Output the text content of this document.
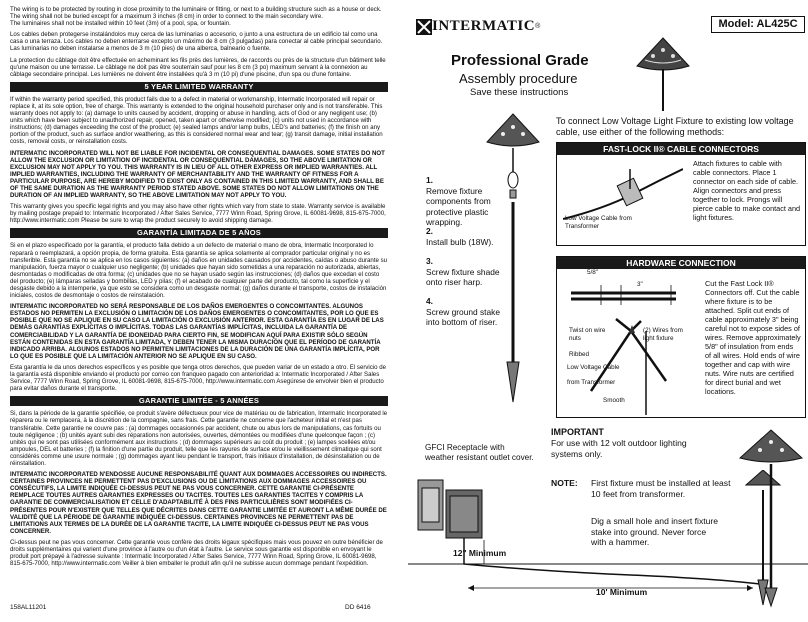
The wiring is to be protected by routing in close proximity to the luminaire or fitting, or next to a building structure such as a house or deck.
The wiring shall not be buried except for a maximum 3 inches (8 cm) in order to connect to the main secondary wire.
The luminaires shall not be installed within 10 feet (3m) of a pool, spa, or fountain.

Los cables deben protegerse instalándolos muy cerca de las luminarias o accesorio, o junto a una estructura de un edificio tal como una casa o una terraza. Los cables no deben enterrarse excepto un máximo de 8 cm (3 pulgadas) para conectar al cable principal secundario. Las luminarias no deben instalarse a menos de 3 m (10 pies) de una alberca, balneario o fuente.

La protection du câblage doit être effectuée en acheminant les fils près des lumières, de raccords ou près de la structure d'un bâtiment telle qu'une maison ou une terrasse. Le câblage ne doit pas être souterrain sauf pour les 8 cm (3 po) maximum servant à la connexion au câblage secondaire principal. Les lumières ne doivent être installées qu'à 3 m (10 pi) d'une piscine, d'un spa ou d'une fontaine.

5 YEAR LIMITED WARRANTY

If within the warranty period specified, this product fails due to a defect in material or workmanship, Intermatic Incorporated will repair or replace it, at its sole option, free of charge. This warranty is extended to the original household purchaser only and is not transferable. This warranty does not apply to: (a) damage to units caused by accident, dropping or abuse in handling, acts of God or any negligent use; (b) units which have been subject to unauthorized repair, opened, taken apart or otherwise modified; (c) units not used in accordance with instructions; (d) damages exceeding the cost of the product; (e) sealed lamps and/or lamp bulbs, LED's and batteries; (f) the finish on any portion of the product, such as surface and/or weathering, as this is considered normal wear and tear; (g) transit damage, initial installation costs, removal costs, or reinstallation costs.

INTERMATIC INCORPORATED WILL NOT BE LIABLE FOR INCIDENTAL OR CONSEQUENTIAL DAMAGES. SOME STATES DO NOT ALLOW THE EXCLUSION OR LIMITATION OF INCIDENTAL OR CONSEQUENTIAL DAMAGES, SO THE ABOVE LIMITATION OR EXCLUSION MAY NOT APPLY TO YOU. THIS WARRANTY IS IN LIEU OF ALL OTHER EXPRESS OR IMPLIED WARRANTIES. ALL IMPLIED WARRANTIES, INCLUDING THE WARRANTY OF MERCHANTABILITY AND THE WARRANTY OF FITNESS FOR A PARTICULAR PURPOSE, ARE HEREBY MODIFIED TO EXIST ONLY AS CONTAINED IN THIS LIMITED WARRANTY, AND SHALL BE OF THE SAME DURATION AS THE WARRANTY PERIOD STATED ABOVE. SOME STATES DO NOT ALLOW LIMITATIONS ON THE DURATION OF AN IMPLIED WARRANTY, SO THE ABOVE LIMITATION MAY NOT APPLY TO YOU.

This warranty gives you specific legal rights and you may also have other rights which vary from state to state. Warranty service is available by mailing postage prepaid to: Intermatic Incorporated / After Sales Service, 7777 Winn Road, Spring Grove, IL 60081-9698, 815-675-7000, http://www.intermatic.com Please be sure to wrap the product securely to avoid shipping damage.

GARANTÍA LIMITADA DE 5 AÑOS

Si en el plazo especificado por la garantía, el producto falla debido a un defecto de material o mano de obra, Intermatic Incorporated lo reparará o reemplazará, a opción propia, de forma gratuita. Esta garantía se aplica solamente al comprador particular original y no es transferible. Esta garantía no se aplica en los casos siguientes: (a) daños en unidades causados por accidentes, caídas o abuso durante su manipulación, fuerza mayor o cualquier uso negligente; (b) unidades que hayan sido sometidas a una reparación no autorizada, abiertas, desmontadas o modificadas de otra forma; (c) unidades que no se hayan usado según las instrucciones; (d) daños que excedan el costo del producto; (e) lámparas selladas y bombillas, LED y pilas; (f) el acabado de cualquier parte del producto, tal como la superficie y el desgaste debido a la intemperie, ya que esto se considera como un desgaste normal; (g) daños durante el transporte, costos de instalación iniciales, costos de desmontaje o costos de reinstalación.

INTERMATIC INCORPORATED NO SERÁ RESPONSABLE DE LOS DAÑOS EMERGENTES O CONCOMITANTES. ALGUNOS ESTADOS NO PERMITEN LA EXCLUSIÓN O LIMITACIÓN DE LOS DAÑOS EMERGENTES O CONCOMITANTES, POR LO QUE ES POSIBLE QUE NO SE APLIQUE EN SU CASO LA LIMITACIÓN O EXCLUSIÓN ANTERIOR. ESTA GARANTÍA ES EN LUGAR DE LAS DEMÁS GARANTÍAS EXPLÍCITAS O IMPLÍCITAS. TODAS LAS GARANTÍAS IMPLÍCITAS, INCLUIDA LA GARANTÍA DE COMERCIABILIDAD Y LA GARANTÍA DE IDONEIDAD PARA CIERTO FIN, SE MODIFICAN AQUÍ PARA EXISTIR SÓLO SEGÚN ESTÁN CONTENIDAS EN ESTA GARANTÍA LIMITADA, Y DEBEN TENER LA MISMA DURACIÓN QUE EL PERÍODO DE GARANTÍA INDICADO ARRIBA. ALGUNOS ESTADOS NO PERMITEN LIMITACIONES DE LA DURACIÓN DE UNA GARANTÍA IMPLÍCITA, POR LO QUE ES POSIBLE QUE LA LIMITACIÓN ANTERIOR NO SE APLIQUE EN SU CASO.

Esta garantía le da unos derechos específicos y es posible que tenga otros derechos, que pueden variar de un estado a otro. El servicio de la garantía está disponible enviando el producto por correo con franqueo pagado con anterioridad a: Intermatic Incorporated / After Sales Service, 7777 Winn Road, Spring Grove, IL 60081-9698, 815-675-7000, http://www.intermatic.com Asegúrese de envolver bien el producto para evitar daños durante el transporte.

GARANTIE LIMITÉE - 5 ANNÉES

Si, dans la période de la garantie spécifiée, ce produit s'avère défectueux pour vice de matériau ou de fabrication, Intermatic Incorporated le réparera ou le remplacera, à la discrétion de la compagnie, sans frais. Cette garantie ne concerne que l'acheteur initial et n'est pas transférable. Cette garantie ne couvre pas : (a) dommages occasionnés par accident, chute ou abus lors de manipulations, cas fortuits ou toute négligence ; (b) unités ayant subi des réparations non autorisées, ouvertes, démontées ou modifiées d'une quelconque façon ; (c) unités qui ne sont pas utilisées conformément aux instructions ; (d) dommages supérieurs au coût du produit ; (e) lampes scellées et/ou ampoules, DEL et batteries ; (f) la finition d'une partie du produit, telle que les rayures de surface et/ou le vieillissement climatique qui sont considérés comme une usure normale ; (g) dommages ayant lieu pendant le transport, frais initiaux d'installation, de désinstallation ou de réinstallation.

INTERMATIC INCORPORATED N'ENDOSSE AUCUNE RESPONSABILITÉ QUANT AUX DOMMAGES ACCESSOIRES OU INDIRECTS. CERTAINES PROVINCES NE PERMETTENT PAS D'EXCLUSIONS OU DE LIMITATIONS AUX DOMMAGES ACCESSOIRES OU CONSÉCUTIFS, LA LIMITE INDIQUÉE CI-DESSUS PEUT NE PAS VOUS CONCERNER. CETTE GARANTIE CI-PRÉSENTE REMPLACE TOUTES AUTRES GARANTIES EXPRESSES OU TACITES. TOUTES LES GARANTIES TACITES Y COMPRIS LA GARANTIE DE COMMERCIALISATION ET CELLE D'ADAPTABILITÉ À DES FINS PARTICULIÈRES SONT MODIFIÉES CI-PRÉSENTES POUR N'EXISTER QUE TELLES QUE DÉCRITES DANS CETTE GARANTIE LIMITÉE ET AURONT LA MÊME DURÉE DE VALIDITÉ QUE LA PÉRIODE DE GARANTIE INDIQUÉE CI-DESSUS. CERTAINES PROVINCES NE PERMETTENT PAS DE LIMITATIONS AUX TERMES DE LA DURÉE DE LA GARANTIE TACITE, LA LIMITE INDIQUÉE CI-DESSUS PEUT NE PAS VOUS CONCERNER.

Ci-dessus peut ne pas vous concerner. Cette garantie vous confère des droits légaux spécifiques mais vous pouvez en outre bénéficier de droits supplémentaires qui varient d'une province à l'autre ou d'un état à l'autre. Le service sous garantie est disponible en envoyant le produit port prépayé à l'adresse suivante : Intermatic Incorporated / After Sales Service, 7777 Winn Road, Spring Grove, IL 60081-9698, 815-675-7000, http://www.intermatic.com Veiller à bien emballer le produit afin qu'il ne subisse aucun dommage pendant l'expédition.

158AL11201	DD 6416
INTERMATIC ®	Model: AL425C
Professional Grade
Assembly procedure
Save these instructions
To connect Low Voltage Light Fixture to existing low voltage cable, use either of the following methods:
1.
Remove fixture components from protective plastic wrapping.
2.
Install bulb (18W).
3.
Screw fixture shade onto riser harp.
4.
Screw ground stake into bottom of riser.
FAST-LOCK II® CABLE CONNECTORS
Low Voltage Cable from Transformer
Attach fixtures to cable with cable connectors. Place 1 connector on each side of cable. Align connectors and press together to lock. Prongs will pierce cable to make contact and light fixtures.
HARDWARE CONNECTION
5/8"
3"
Twist on wire nuts
(2) Wires from light fixture
Ribbed
Low Voltage Cable
from Transformer
Smooth
Cut the Fast Lock II® Connectors off. Cut the cable where fixture is to be attached. Split cut ends of cable approximately 3" being careful not to expose sides of wires. Remove approximately 5/8" of insulation from ends of all wires. Hold ends of wire together and cap with wire nuts. Wire nuts are certified for direct burial and wet locations.
GFCI Receptacle with weather resistant outlet cover.
12" Minimum
10' Minimum
IMPORTANT
For use with 12 volt outdoor lighting systems only.
NOTE: First fixture must be installed at least 10 feet from transformer.
Dig a small hole and insert fixture stake into ground. Never force with a hammer.
